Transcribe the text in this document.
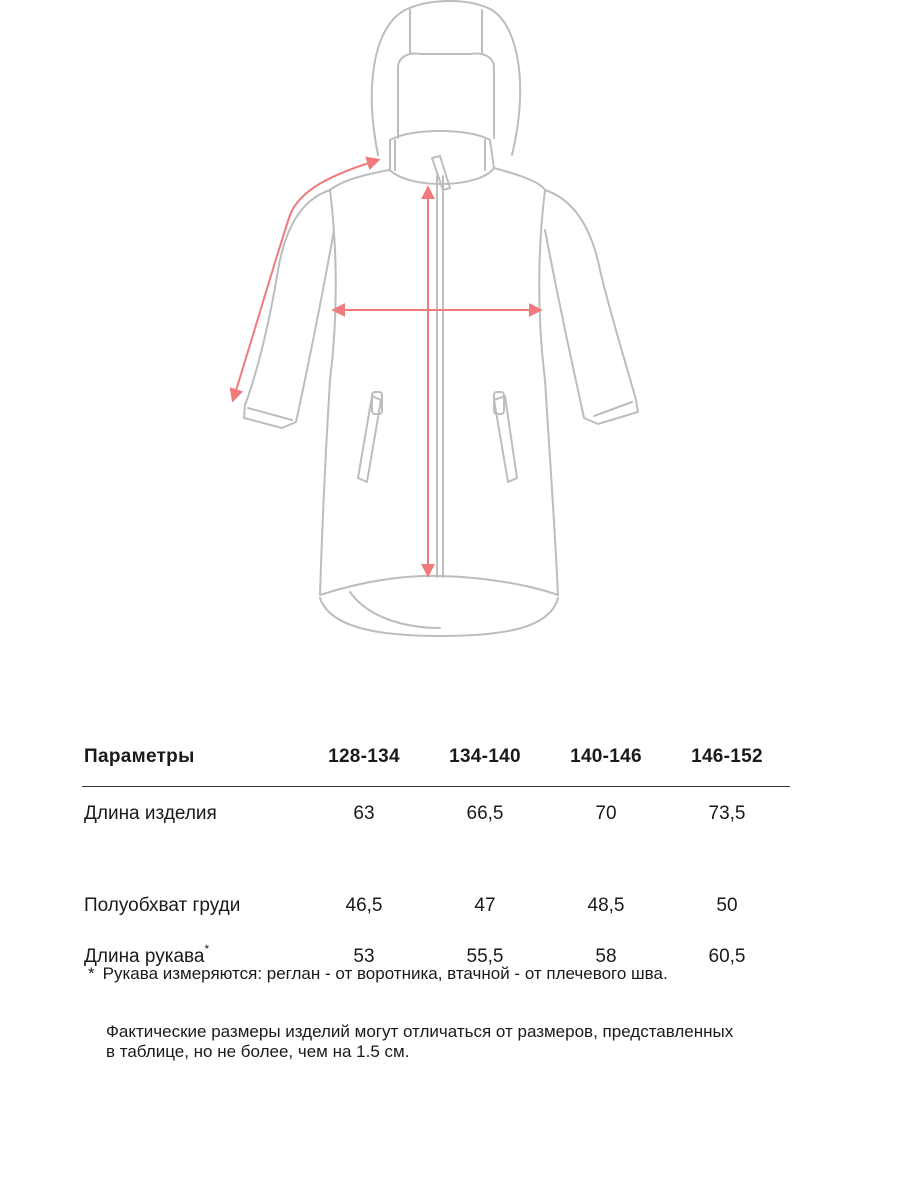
Параметры	128-134	134-140	140-146	146-152
Длина изделия	63	66,5	70	73,5
Полуобхват груди	46,5	47	48,5	50
Длина рукава*	53	55,5	58	60,5
* Рукава измеряются: реглан - от воротника, втачной - от плечевого шва.
Фактические размеры изделий могут отличаться от размеров, представленных
в таблице, но не более, чем на 1.5 см.
